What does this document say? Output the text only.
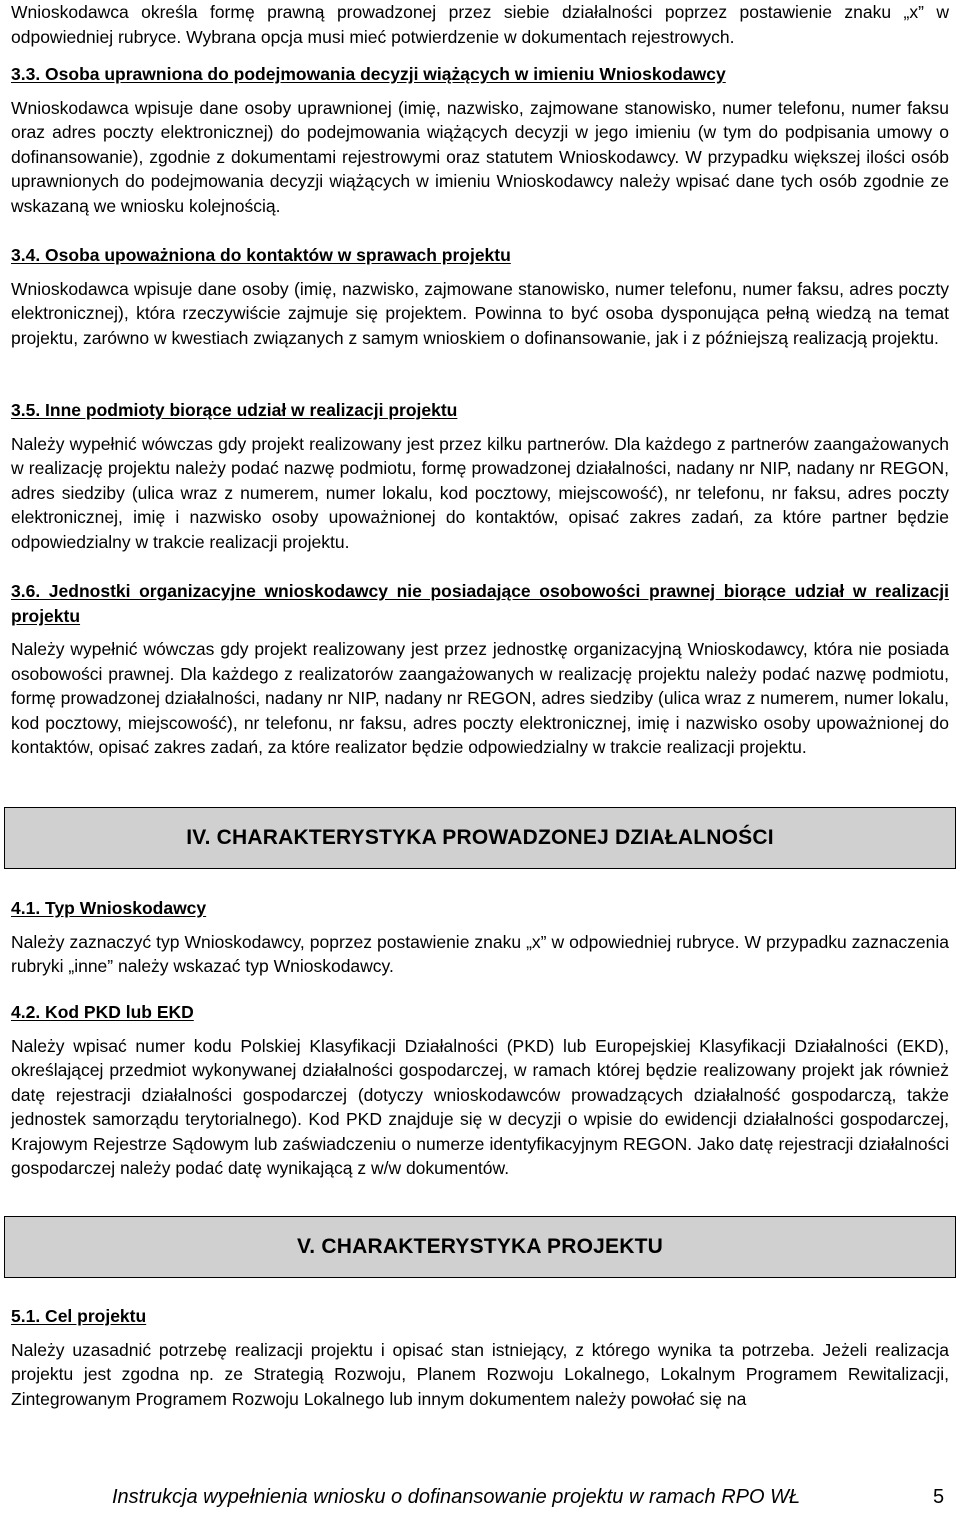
Wnioskodawca określa formę prawną prowadzonej przez siebie działalności poprzez postawienie znaku „x” w odpowiedniej rubryce. Wybrana opcja musi mieć potwierdzenie w dokumentach rejestrowych.

3.3. Osoba uprawniona do podejmowania decyzji wiążących w imieniu Wnioskodawcy

Wnioskodawca wpisuje dane osoby uprawnionej (imię, nazwisko, zajmowane stanowisko, numer telefonu, numer faksu oraz adres poczty elektronicznej) do podejmowania wiążących decyzji w jego imieniu (w tym do podpisania umowy o dofinansowanie), zgodnie z dokumentami rejestrowymi oraz statutem Wnioskodawcy. W przypadku większej ilości osób uprawnionych do podejmowania decyzji wiążących w imieniu Wnioskodawcy należy wpisać dane tych osób zgodnie ze wskazaną we wniosku kolejnością.

3.4. Osoba upoważniona do kontaktów w sprawach projektu

Wnioskodawca wpisuje dane osoby (imię, nazwisko, zajmowane stanowisko, numer telefonu, numer faksu, adres poczty elektronicznej), która rzeczywiście zajmuje się projektem. Powinna to być osoba dysponująca pełną wiedzą na temat projektu, zarówno w kwestiach związanych z samym wnioskiem o dofinansowanie, jak i z późniejszą realizacją projektu.

3.5. Inne podmioty biorące udział w realizacji projektu

Należy wypełnić wówczas gdy projekt realizowany jest przez kilku partnerów. Dla każdego z partnerów zaangażowanych w realizację projektu należy podać nazwę podmiotu, formę prowadzonej działalności, nadany nr NIP, nadany nr REGON, adres siedziby (ulica wraz z numerem, numer lokalu, kod pocztowy, miejscowość), nr telefonu, nr faksu, adres poczty elektronicznej, imię i nazwisko osoby upoważnionej do kontaktów, opisać zakres zadań, za które partner będzie odpowiedzialny w trakcie realizacji projektu.

3.6. Jednostki organizacyjne wnioskodawcy nie posiadające osobowości prawnej biorące udział w realizacji projektu

Należy wypełnić wówczas gdy projekt realizowany jest przez jednostkę organizacyjną Wnioskodawcy, która nie posiada osobowości prawnej. Dla każdego z realizatorów zaangażowanych w realizację projektu należy podać nazwę podmiotu, formę prowadzonej działalności, nadany nr NIP, nadany nr REGON, adres siedziby (ulica wraz z numerem, numer lokalu, kod pocztowy, miejscowość), nr telefonu, nr faksu, adres poczty elektronicznej, imię i nazwisko osoby upoważnionej do kontaktów, opisać zakres zadań, za które realizator będzie odpowiedzialny w trakcie realizacji projektu.

IV. CHARAKTERYSTYKA PROWADZONEJ DZIAŁALNOŚCI
4.1. Typ Wnioskodawcy

Należy zaznaczyć typ Wnioskodawcy, poprzez postawienie znaku „x” w odpowiedniej rubryce. W przypadku zaznaczenia rubryki „inne” należy wskazać typ Wnioskodawcy.

4.2. Kod PKD lub EKD

Należy wpisać numer kodu Polskiej Klasyfikacji Działalności (PKD) lub Europejskiej Klasyfikacji Działalności (EKD), określającej przedmiot wykonywanej działalności gospodarczej, w ramach której będzie realizowany projekt jak również datę rejestracji działalności gospodarczej (dotyczy wnioskodawców prowadzących działalność gospodarczą, także jednostek samorządu terytorialnego). Kod PKD znajduje się w decyzji o wpisie do ewidencji działalności gospodarczej, Krajowym Rejestrze Sądowym lub zaświadczeniu o numerze identyfikacyjnym REGON. Jako datę rejestracji działalności gospodarczej należy podać datę wynikającą z w/w dokumentów.

V. CHARAKTERYSTYKA PROJEKTU
5.1. Cel projektu

Należy uzasadnić potrzebę realizacji projektu i opisać stan istniejący, z którego wynika ta potrzeba. Jeżeli realizacja projektu jest zgodna np. ze Strategią Rozwoju, Planem Rozwoju Lokalnego, Lokalnym Programem Rewitalizacji, Zintegrowanym Programem Rozwoju Lokalnego lub innym dokumentem należy powołać się na

Instrukcja wypełnienia wniosku o dofinansowanie projektu w ramach RPO WŁ	5
